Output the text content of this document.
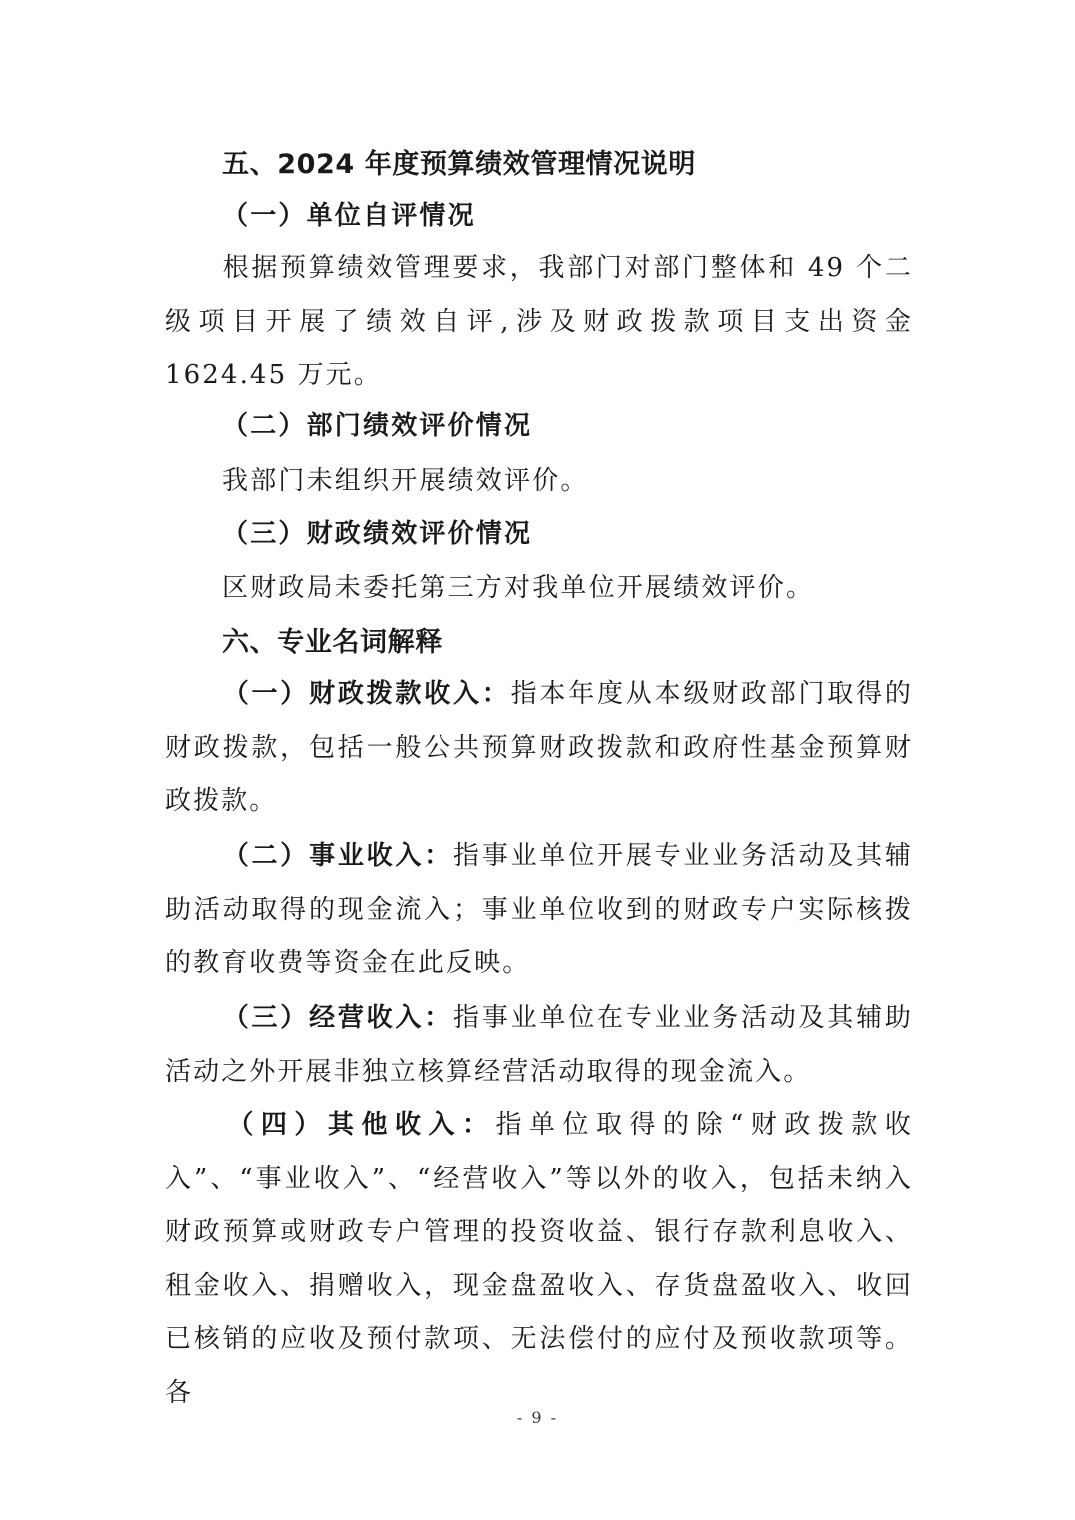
五、2024 年度预算绩效管理情况说明
（一）单位自评情况
根据预算绩效管理要求，我部门对部门整体和 49 个二级项目开展了绩效自评,涉及财政拨款项目支出资金 1624.45 万元。
（二）部门绩效评价情况
我部门未组织开展绩效评价。
（三）财政绩效评价情况
区财政局未委托第三方对我单位开展绩效评价。
六、专业名词解释
（一）财政拨款收入：指本年度从本级财政部门取得的财政拨款，包括一般公共预算财政拨款和政府性基金预算财政拨款。
（二）事业收入：指事业单位开展专业业务活动及其辅助活动取得的现金流入；事业单位收到的财政专户实际核拨的教育收费等资金在此反映。
（三）经营收入：指事业单位在专业业务活动及其辅助活动之外开展非独立核算经营活动取得的现金流入。
（四）其他收入：指单位取得的除“财政拨款收入”、“事业收入”、“经营收入”等以外的收入，包括未纳入财政预算或财政专户管理的投资收益、银行存款利息收入、租金收入、捐赠收入，现金盘盈收入、存货盘盈收入、收回已核销的应收及预付款项、无法偿付的应付及预收款项等。各
- 9 -
